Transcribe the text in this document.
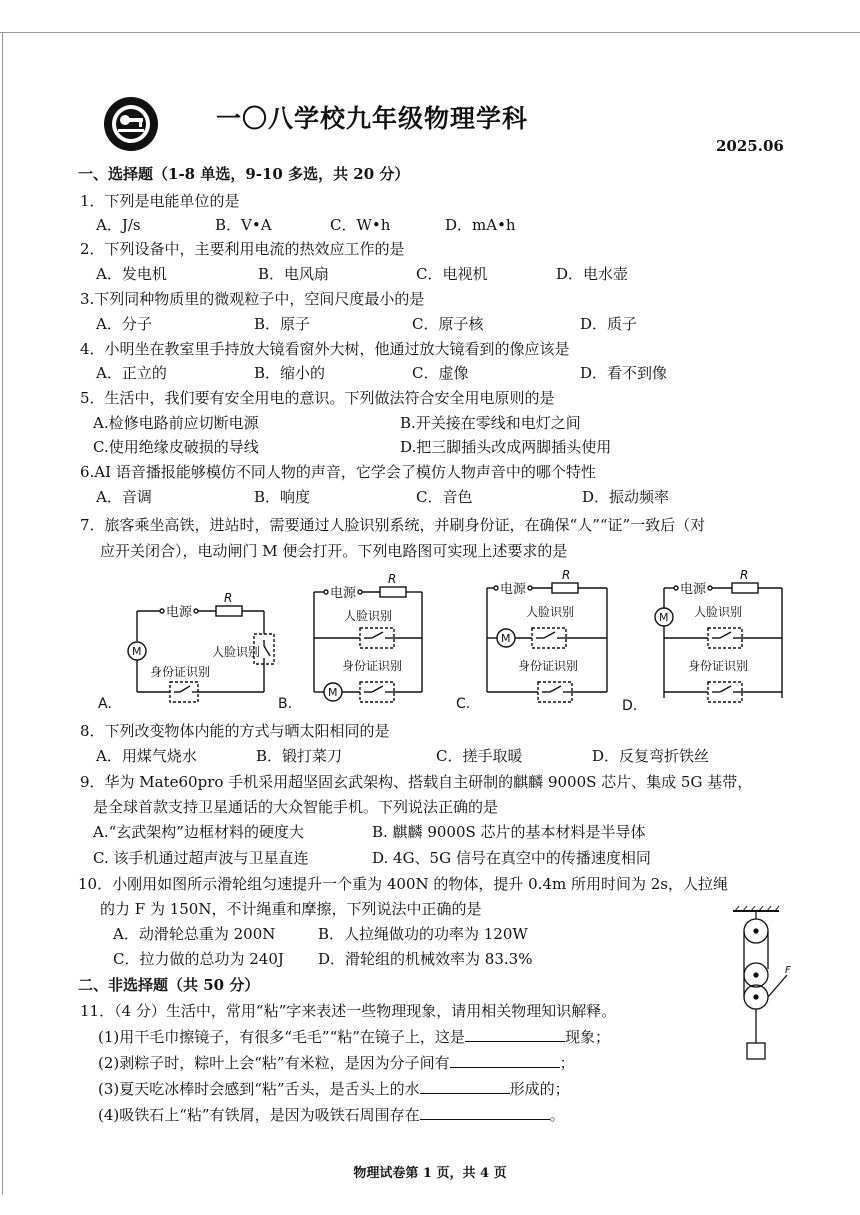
一〇八学校九年级物理学科
2025.06
一、选择题（1-8 单选，9-10 多选，共 20 分）
1．下列是电能单位的是
A．J/s	B．V•A	C．W•h	D．mA•h
2．下列设备中，主要利用电流的热效应工作的是
A．发电机	B．电风扇	C．电视机	D．电水壶
3.下列同种物质里的微观粒子中，空间尺度最小的是
A．分子	B．原子	C．原子核	D．质子
4．小明坐在教室里手持放大镜看窗外大树，他通过放大镜看到的像应该是
A．正立的	B．缩小的	C．虚像	D．看不到像
5．生活中，我们要有安全用电的意识。下列做法符合安全用电原则的是
A.检修电路前应切断电源	B.开关接在零线和电灯之间
C.使用绝缘皮破损的导线	D.把三脚插头改成两脚插头使用
6.AI 语音播报能够模仿不同人物的声音，它学会了模仿人物声音中的哪个特性
A．音调	B．响度	C．音色	D．振动频率
7．旅客乘坐高铁，进站时，需要通过人脸识别系统，并刷身份证，在确保“人”“证”一致后（对
应开关闭合），电动闸门 M 便会打开。下列电路图可实现上述要求的是
电源
R
人脸识别
M
身份证识别
A.
电源
R
人脸识别
身份证识别
M
B.
电源
R
M
人脸识别
身份证识别
C.
电源
R
M 人脸识别
身份证识别
D.
8．下列改变物体内能的方式与晒太阳相同的是
A．用煤气烧水	B．锻打菜刀	C．搓手取暖	D．反复弯折铁丝
9．华为 Mate60pro 手机采用超坚固玄武架构、搭载自主研制的麒麟 9000S 芯片、集成 5G 基带，
是全球首款支持卫星通话的大众智能手机。下列说法正确的是
A.“玄武架构”边框材料的硬度大	B. 麒麟 9000S 芯片的基本材料是半导体
C. 该手机通过超声波与卫星直连	D. 4G、5G 信号在真空中的传播速度相同
10．小刚用如图所示滑轮组匀速提升一个重为 400N 的物体，提升 0.4m 所用时间为 2s，人拉绳
的力 F 为 150N，不计绳重和摩擦，下列说法中正确的是
A．动滑轮总重为 200N	B．人拉绳做功的功率为 120W
C．拉力做的总功为 240J D．滑轮组的机械效率为 83.3%
F
二、非选择题（共 50 分）
11．（4 分）生活中，常用“粘”字来表述一些物理现象，请用相关物理知识解释。
(1)用干毛巾擦镜子，有很多“毛毛”“粘”在镜子上，这是	现象；
(2)剥粽子时，粽叶上会“粘”有米粒，是因为分子间有	；
(3)夏天吃冰棒时会感到“粘”舌头，是舌头上的水	形成的；
(4)吸铁石上“粘”有铁屑，是因为吸铁石周围存在	。
物理试卷第 1 页，共 4 页
